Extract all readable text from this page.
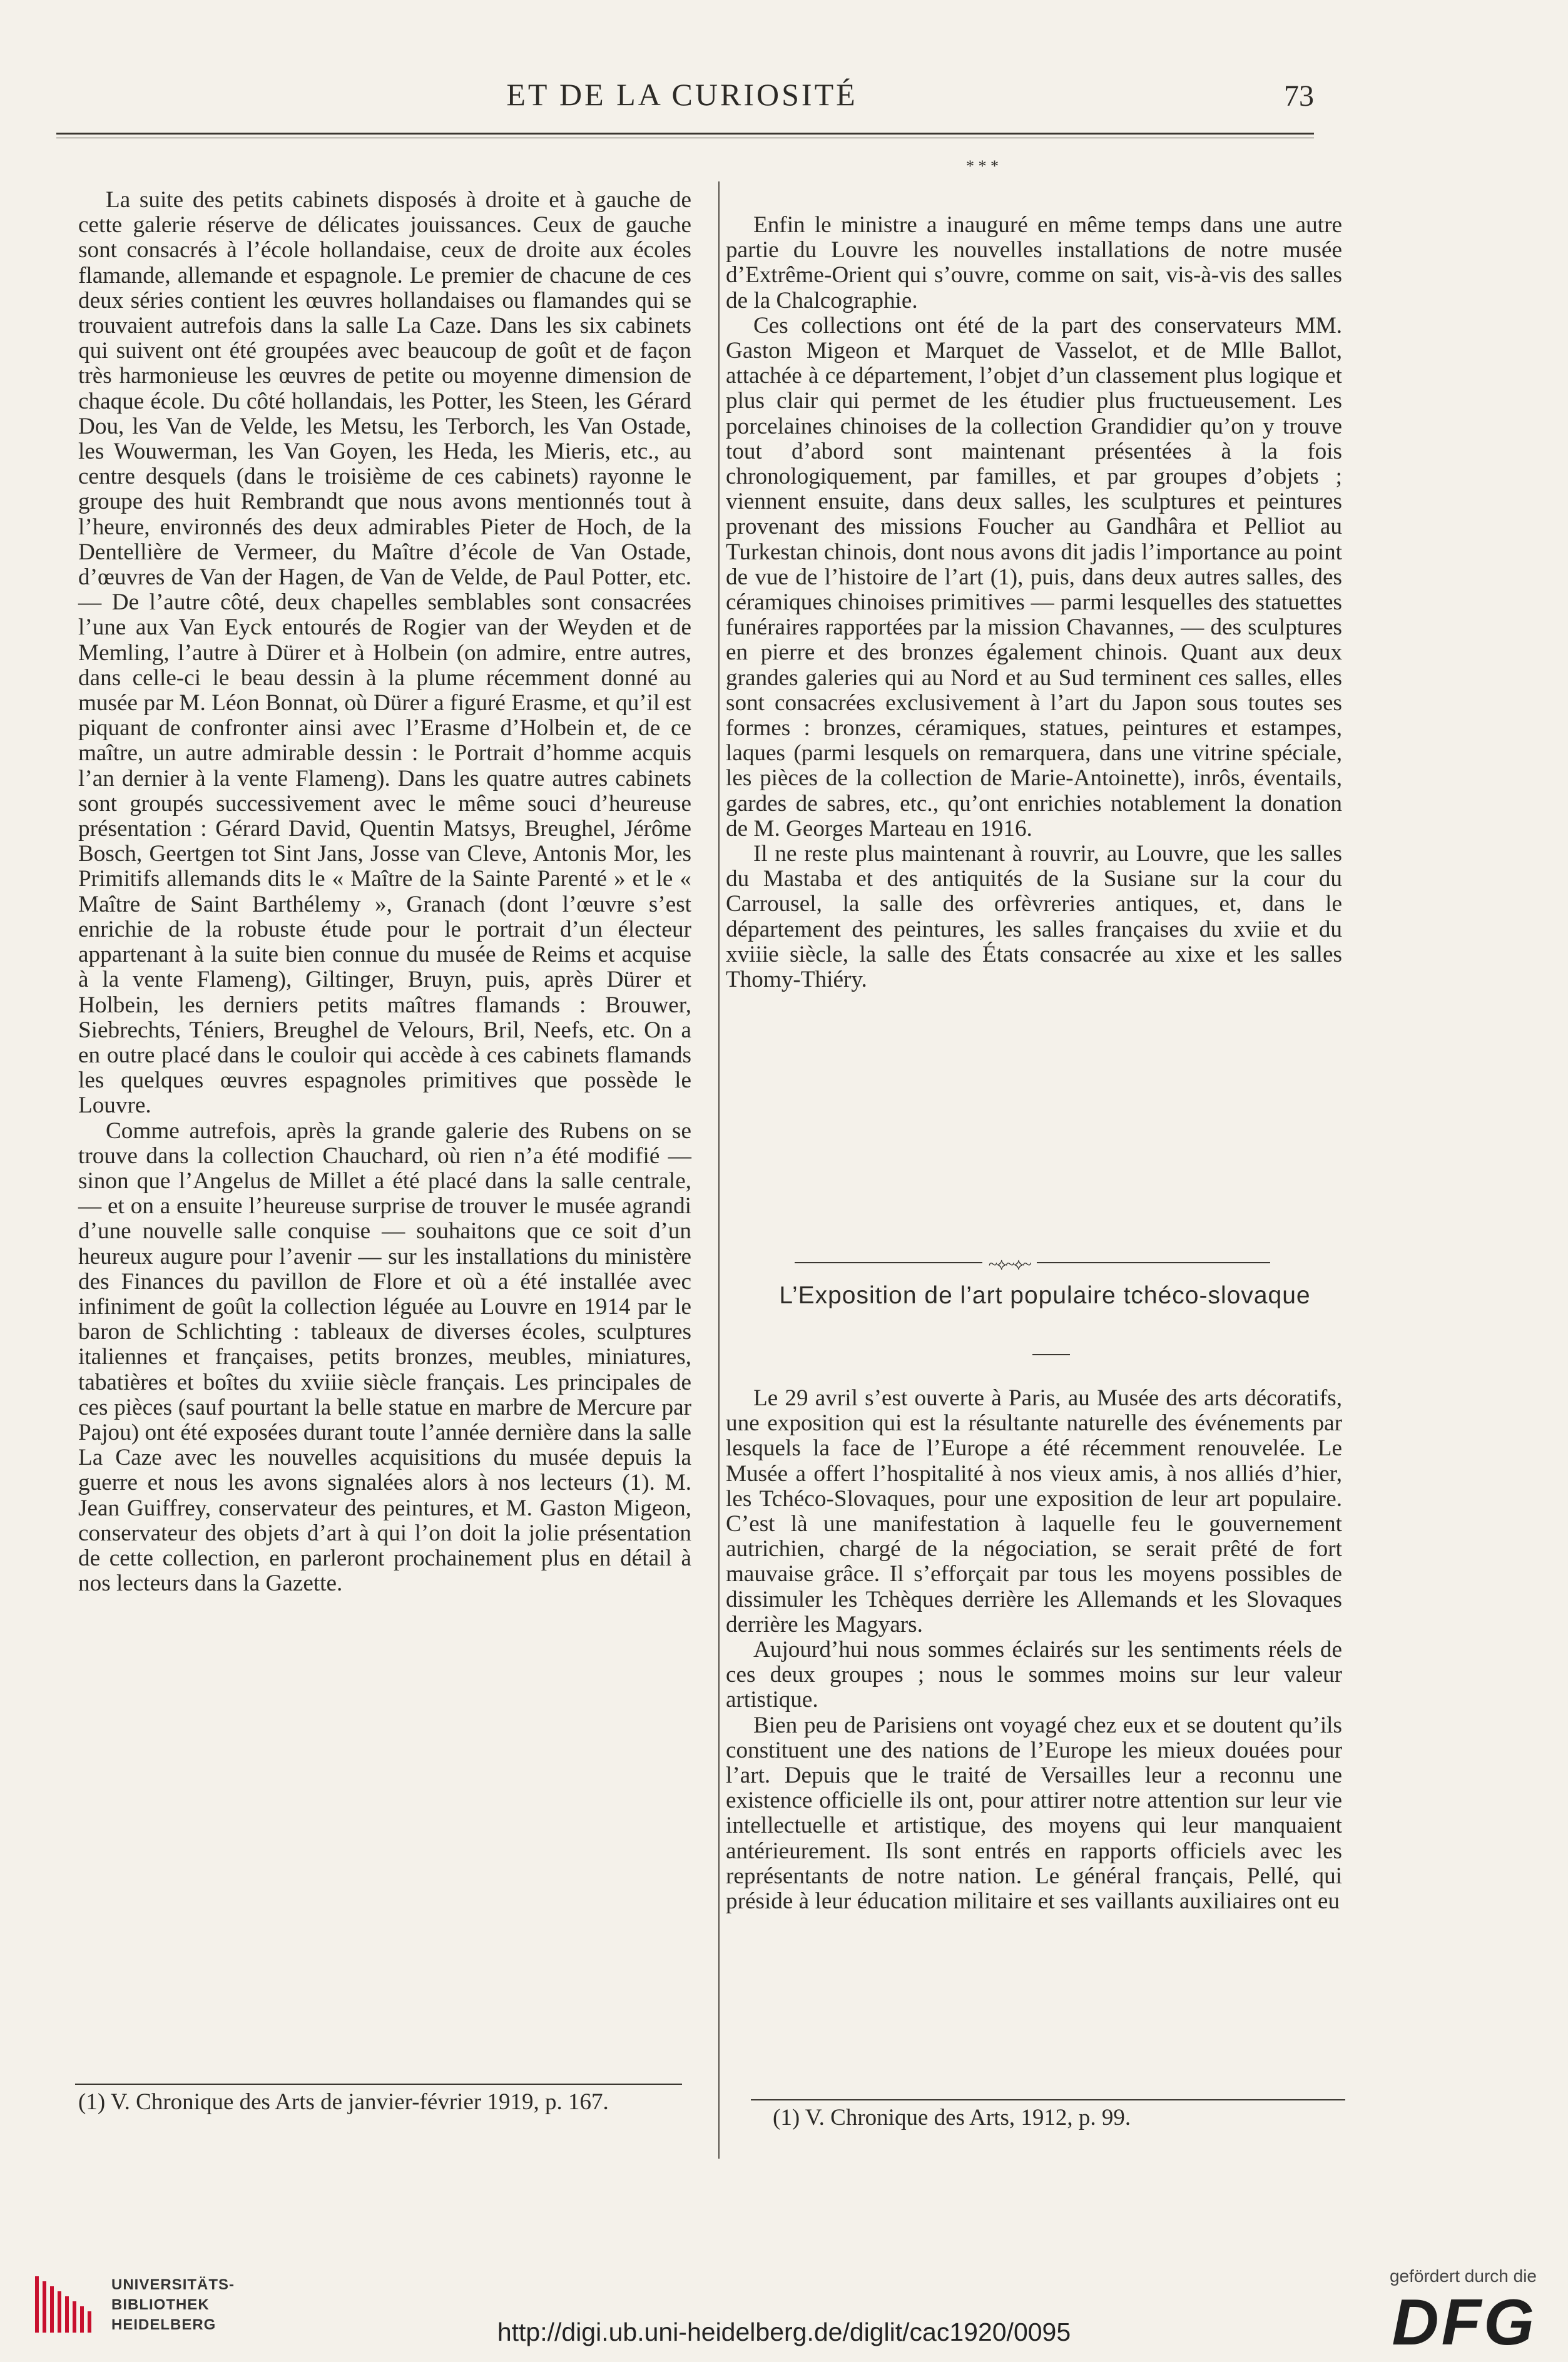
ET DE LA CURIOSITÉ	73

La suite des petits cabinets disposés à droite et à gauche de cette galerie réserve de délicates jouissances. Ceux de gauche sont consacrés à l’école hollandaise, ceux de droite aux écoles flamande, allemande et espagnole. Le premier de chacune de ces deux séries contient les œuvres hollandaises ou flamandes qui se trouvaient autrefois dans la salle La Caze. Dans les six cabinets qui suivent ont été groupées avec beaucoup de goût et de façon très harmonieuse les œuvres de petite ou moyenne dimension de chaque école. Du côté hollandais, les Potter, les Steen, les Gérard Dou, les Van de Velde, les Metsu, les Terborch, les Van Ostade, les Wouwerman, les Van Goyen, les Heda, les Mieris, etc., au centre desquels (dans le troisième de ces cabinets) rayonne le groupe des huit Rembrandt que nous avons mentionnés tout à l’heure, environnés des deux admirables Pieter de Hoch, de la Dentellière de Vermeer, du Maître d’école de Van Ostade, d’œuvres de Van der Hagen, de Van de Velde, de Paul Potter, etc. — De l’autre côté, deux chapelles semblables sont consacrées l’une aux Van Eyck entourés de Rogier van der Weyden et de Memling, l’autre à Dürer et à Holbein (on admire, entre autres, dans celle-ci le beau dessin à la plume récemment donné au musée par M. Léon Bonnat, où Dürer a figuré Erasme, et qu’il est piquant de confronter ainsi avec l’Erasme d’Holbein et, de ce maître, un autre admirable dessin : le Portrait d’homme acquis l’an dernier à la vente Flameng). Dans les quatre autres cabinets sont groupés successivement avec le même souci d’heureuse présentation : Gérard David, Quentin Matsys, Breughel, Jérôme Bosch, Geertgen tot Sint Jans, Josse van Cleve, Antonis Mor, les Primitifs allemands dits le « Maître de la Sainte Parenté » et le « Maître de Saint Barthélemy », Granach (dont l’œuvre s’est enrichie de la robuste étude pour le portrait d’un électeur appartenant à la suite bien connue du musée de Reims et acquise à la vente Flameng), Giltinger, Bruyn, puis, après Dürer et Holbein, les derniers petits maîtres flamands : Brouwer, Siebrechts, Téniers, Breughel de Velours, Bril, Neefs, etc. On a en outre placé dans le couloir qui accède à ces cabinets flamands les quelques œuvres espagnoles primitives que possède le Louvre.

Comme autrefois, après la grande galerie des Rubens on se trouve dans la collection Chauchard, où rien n’a été modifié — sinon que l’Angelus de Millet a été placé dans la salle centrale, — et on a ensuite l’heureuse surprise de trouver le musée agrandi d’une nouvelle salle conquise — souhaitons que ce soit d’un heureux augure pour l’avenir — sur les installations du ministère des Finances du pavillon de Flore et où a été installée avec infiniment de goût la collection léguée au Louvre en 1914 par le baron de Schlichting : tableaux de diverses écoles, sculptures italiennes et françaises, petits bronzes, meubles, miniatures, tabatières et boîtes du xviiie siècle français. Les principales de ces pièces (sauf pourtant la belle statue en marbre de Mercure par Pajou) ont été exposées durant toute l’année dernière dans la salle La Caze avec les nouvelles acquisitions du musée depuis la guerre et nous les avons signalées alors à nos lecteurs (1). M. Jean Guiffrey, conservateur des peintures, et M. Gaston Migeon, conservateur des objets d’art à qui l’on doit la jolie présentation de cette collection, en parleront prochainement plus en détail à nos lecteurs dans la Gazette.

(1) V. Chronique des Arts de janvier-février 1919, p. 167.
* * *

Enfin le ministre a inauguré en même temps dans une autre partie du Louvre les nouvelles installations de notre musée d’Extrême-Orient qui s’ouvre, comme on sait, vis-à-vis des salles de la Chalcographie.

Ces collections ont été de la part des conservateurs MM. Gaston Migeon et Marquet de Vasselot, et de Mlle Ballot, attachée à ce département, l’objet d’un classement plus logique et plus clair qui permet de les étudier plus fructueusement. Les porcelaines chinoises de la collection Grandidier qu’on y trouve tout d’abord sont maintenant présentées à la fois chronologiquement, par familles, et par groupes d’objets ; viennent ensuite, dans deux salles, les sculptures et peintures provenant des missions Foucher au Gandhâra et Pelliot au Turkestan chinois, dont nous avons dit jadis l’importance au point de vue de l’histoire de l’art (1), puis, dans deux autres salles, des céramiques chinoises primitives — parmi lesquelles des statuettes funéraires rapportées par la mission Chavannes, — des sculptures en pierre et des bronzes également chinois. Quant aux deux grandes galeries qui au Nord et au Sud terminent ces salles, elles sont consacrées exclusivement à l’art du Japon sous toutes ses formes : bronzes, céramiques, statues, peintures et estampes, laques (parmi lesquels on remarquera, dans une vitrine spéciale, les pièces de la collection de Marie-Antoinette), inrôs, éventails, gardes de sabres, etc., qu’ont enrichies notablement la donation de M. Georges Marteau en 1916.

Il ne reste plus maintenant à rouvrir, au Louvre, que les salles du Mastaba et des antiquités de la Susiane sur la cour du Carrousel, la salle des orfèvreries antiques, et, dans le département des peintures, les salles françaises du xviie et du xviiie siècle, la salle des États consacrée au xixe et les salles Thomy-Thiéry.

~⟡~⟡~
L’Exposition de l’art populaire tchéco-slovaque

Le 29 avril s’est ouverte à Paris, au Musée des arts décoratifs, une exposition qui est la résultante naturelle des événements par lesquels la face de l’Europe a été récemment renouvelée. Le Musée a offert l’hospitalité à nos vieux amis, à nos alliés d’hier, les Tchéco-Slovaques, pour une exposition de leur art populaire. C’est là une manifestation à laquelle feu le gouvernement autrichien, chargé de la négociation, se serait prêté de fort mauvaise grâce. Il s’efforçait par tous les moyens possibles de dissimuler les Tchèques derrière les Allemands et les Slovaques derrière les Magyars.

Aujourd’hui nous sommes éclairés sur les sentiments réels de ces deux groupes ; nous le sommes moins sur leur valeur artistique.

Bien peu de Parisiens ont voyagé chez eux et se doutent qu’ils constituent une des nations de l’Europe les mieux douées pour l’art. Depuis que le traité de Versailles leur a reconnu une existence officielle ils ont, pour attirer notre attention sur leur vie intellectuelle et artistique, des moyens qui leur manquaient antérieurement. Ils sont entrés en rapports officiels avec les représentants de notre nation. Le général français, Pellé, qui préside à leur éducation militaire et ses vaillants auxiliaires ont eu

(1) V. Chronique des Arts, 1912, p. 99.
UNIVERSITÄTS-
BIBLIOTHEK
HEIDELBERG	http://digi.ub.uni-heidelberg.de/diglit/cac1920/0095
gefördert durch die
DFG
